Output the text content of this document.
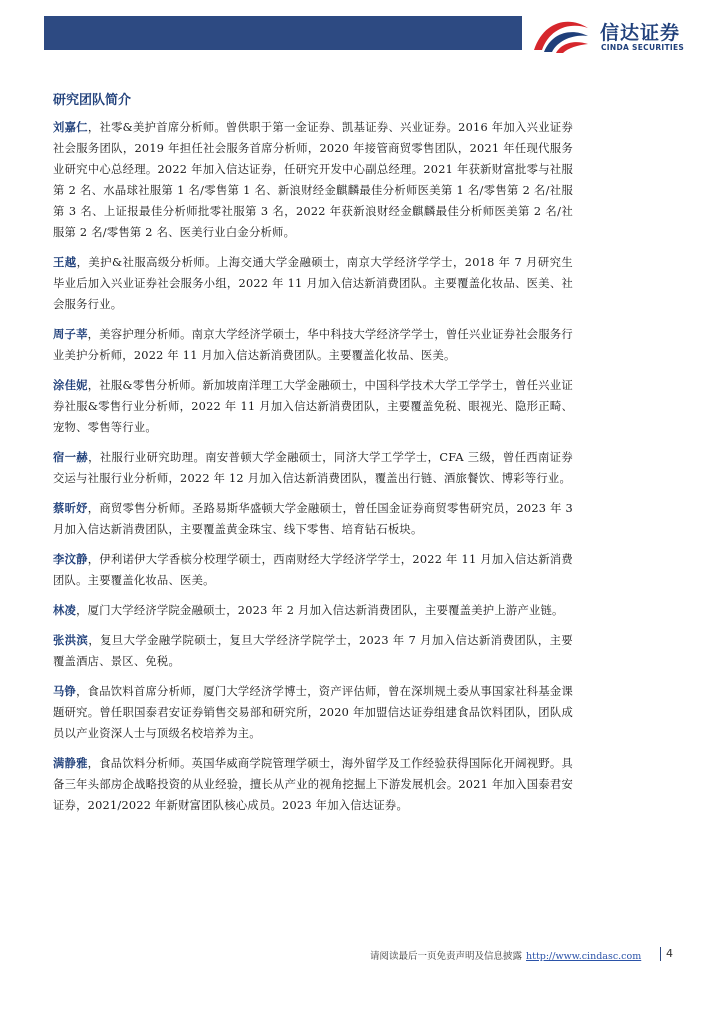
信达证券
CINDA SECURITIES
研究团队简介

刘嘉仁，社零&美护首席分析师。曾供职于第一金证券、凯基证券、兴业证券。2016 年加入兴业证券社会服务团队，2019 年担任社会服务首席分析师，2020 年接管商贸零售团队，2021 年任现代服务业研究中心总经理。2022 年加入信达证券，任研究开发中心副总经理。2021 年获新财富批零与社服第 2 名、水晶球社服第 1 名/零售第 1 名、新浪财经金麒麟最佳分析师医美第 1 名/零售第 2 名/社服第 3 名、上证报最佳分析师批零社服第 3 名，2022 年获新浪财经金麒麟最佳分析师医美第 2 名/社服第 2 名/零售第 2 名、医美行业白金分析师。

王越，美护&社服高级分析师。上海交通大学金融硕士，南京大学经济学学士，2018 年 7 月研究生毕业后加入兴业证券社会服务小组，2022 年 11 月加入信达新消费团队。主要覆盖化妆品、医美、社会服务行业。

周子莘，美容护理分析师。南京大学经济学硕士，华中科技大学经济学学士，曾任兴业证券社会服务行业美护分析师，2022 年 11 月加入信达新消费团队。主要覆盖化妆品、医美。

涂佳妮，社服&零售分析师。新加坡南洋理工大学金融硕士，中国科学技术大学工学学士，曾任兴业证券社服&零售行业分析师，2022 年 11 月加入信达新消费团队，主要覆盖免税、眼视光、隐形正畸、宠物、零售等行业。

宿一赫，社服行业研究助理。南安普顿大学金融硕士，同济大学工学学士，CFA 三级，曾任西南证券交运与社服行业分析师，2022 年 12 月加入信达新消费团队，覆盖出行链、酒旅餐饮、博彩等行业。

蔡昕妤，商贸零售分析师。圣路易斯华盛顿大学金融硕士，曾任国金证券商贸零售研究员，2023 年 3 月加入信达新消费团队，主要覆盖黄金珠宝、线下零售、培育钻石板块。

李汶静，伊利诺伊大学香槟分校理学硕士，西南财经大学经济学学士，2022 年 11 月加入信达新消费团队。主要覆盖化妆品、医美。

林凌，厦门大学经济学院金融硕士，2023 年 2 月加入信达新消费团队，主要覆盖美护上游产业链。

张洪滨，复旦大学金融学院硕士，复旦大学经济学院学士，2023 年 7 月加入信达新消费团队，主要覆盖酒店、景区、免税。

马铮，食品饮料首席分析师，厦门大学经济学博士，资产评估师，曾在深圳规土委从事国家社科基金课题研究。曾任职国泰君安证券销售交易部和研究所，2020 年加盟信达证券组建食品饮料团队，团队成员以产业资深人士与顶级名校培养为主。

满静雅，食品饮料分析师。英国华威商学院管理学硕士，海外留学及工作经验获得国际化开阔视野。具备三年头部房企战略投资的从业经验，擅长从产业的视角挖掘上下游发展机会。2021 年加入国泰君安证券，2021/2022 年新财富团队核心成员。2023 年加入信达证券。

请阅读最后一页免责声明及信息披露 http://www.cindasc.com 4
